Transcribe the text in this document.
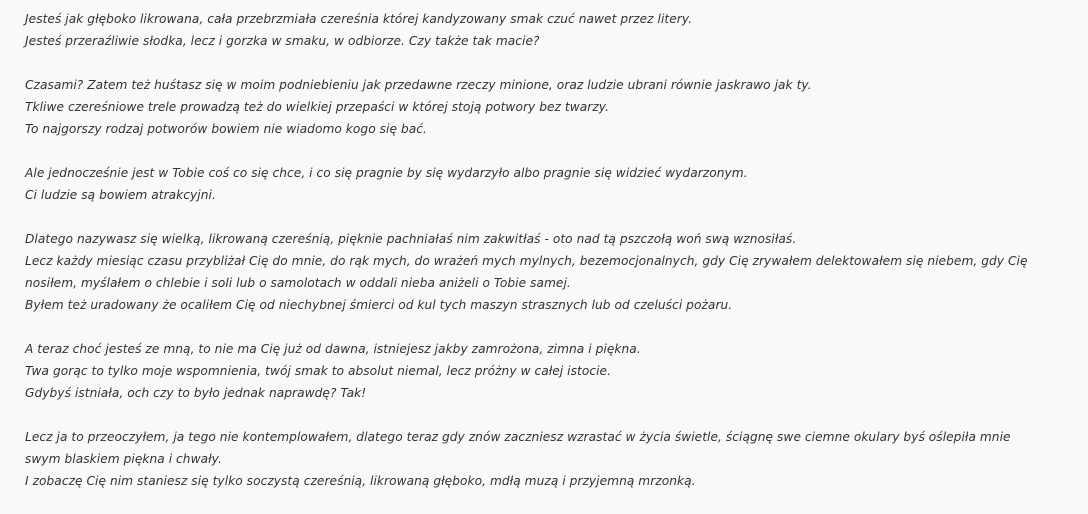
Jesteś jak głęboko likrowana, cała przebrzmiała czereśnia której kandyzowany smak czuć nawet przez litery.
Jesteś przeraźliwie słodka, lecz i gorzka w smaku, w odbiorze. Czy także tak macie?
Czasami? Zatem też huśtasz się w moim podniebieniu jak przedawne rzeczy minione, oraz ludzie ubrani równie jaskrawo jak ty.
Tkliwe czereśniowe trele prowadzą też do wielkiej przepaści w której stoją potwory bez twarzy.
To najgorszy rodzaj potworów bowiem nie wiadomo kogo się bać.
Ale jednocześnie jest w Tobie coś co się chce, i co się pragnie by się wydarzyło albo pragnie się widzieć wydarzonym.
Ci ludzie są bowiem atrakcyjni.
Dlatego nazywasz się wielką, likrowaną czereśnią, pięknie pachniałaś nim zakwitłaś - oto nad tą pszczołą woń swą wznosiłaś.
Lecz każdy miesiąc czasu przybliżał Cię do mnie, do rąk mych, do wrażeń mych mylnych, bezemocjonalnych, gdy Cię zrywałem delektowałem się niebem, gdy Cię
nosiłem, myślałem o chlebie i soli lub o samolotach w oddali nieba aniżeli o Tobie samej.
Byłem też uradowany że ocaliłem Cię od niechybnej śmierci od kul tych maszyn strasznych lub od czeluści pożaru.
A teraz choć jesteś ze mną, to nie ma Cię już od dawna, istniejesz jakby zamrożona, zimna i piękna.
Twa gorąc to tylko moje wspomnienia, twój smak to absolut niemal, lecz próżny w całej istocie.
Gdybyś istniała, och czy to było jednak naprawdę? Tak!
Lecz ja to przeoczyłem, ja tego nie kontemplowałem, dlatego teraz gdy znów zaczniesz wzrastać w życia świetle, ściągnę swe ciemne okulary byś oślepiła mnie
swym blaskiem piękna i chwały.
I zobaczę Cię nim staniesz się tylko soczystą czereśnią, likrowaną głęboko, mdłą muzą i przyjemną mrzonką.
